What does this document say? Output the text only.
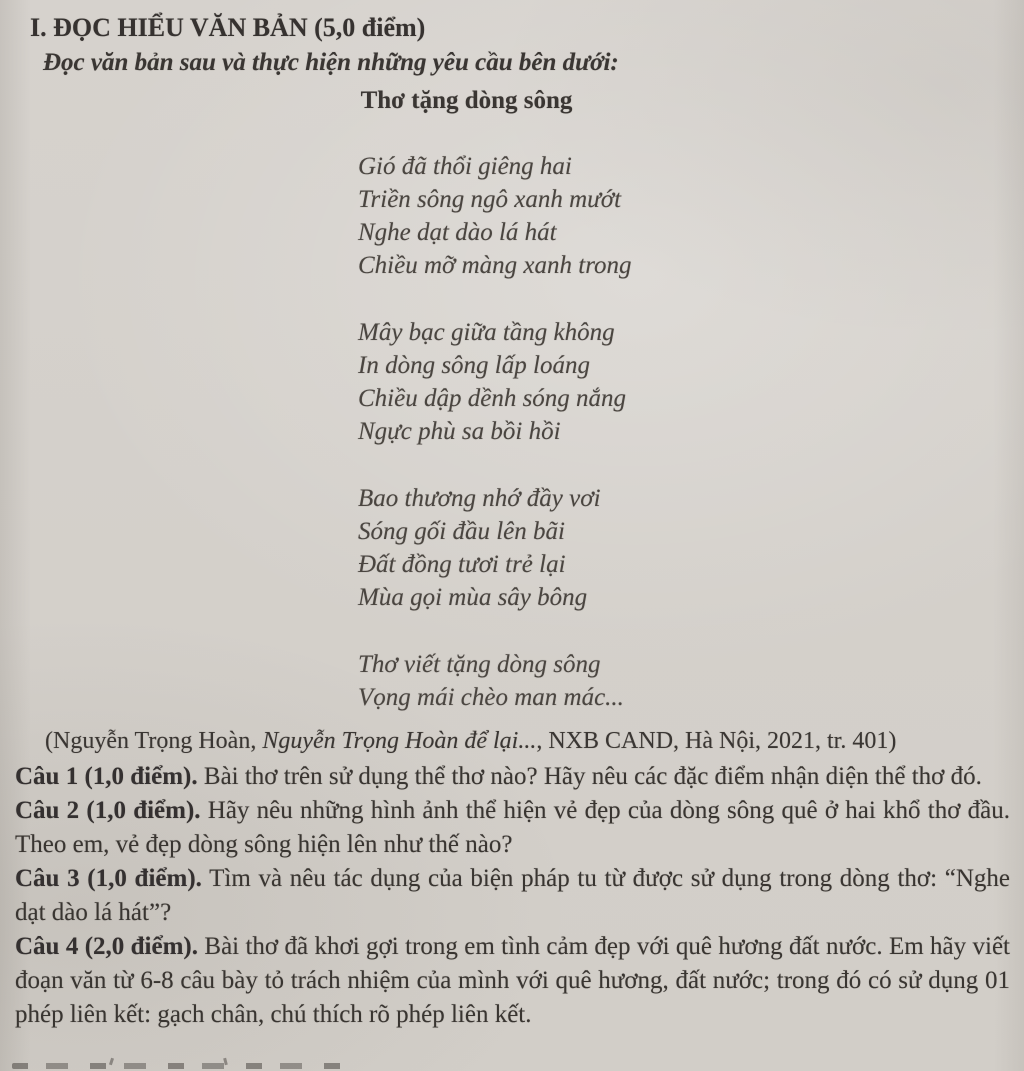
I. ĐỌC HIỂU VĂN BẢN (5,0 điểm)

Đọc văn bản sau và thực hiện những yêu cầu bên dưới:

Thơ tặng dòng sông
Gió đã thổi giêng hai
Triền sông ngô xanh mướt
Nghe dạt dào lá hát
Chiều mỡ màng xanh trong
Mây bạc giữa tầng không
In dòng sông lấp loáng
Chiều dập dềnh sóng nắng
Ngực phù sa bồi hồi
Bao thương nhớ đầy vơi
Sóng gối đầu lên bãi
Đất đồng tươi trẻ lại
Mùa gọi mùa sây bông
Thơ viết tặng dòng sông
Vọng mái chèo man mác...

(Nguyễn Trọng Hoàn, Nguyễn Trọng Hoàn để lại..., NXB CAND, Hà Nội, 2021, tr. 401)

Câu 1 (1,0 điểm). Bài thơ trên sử dụng thể thơ nào? Hãy nêu các đặc điểm nhận diện thể thơ đó.

Câu 2 (1,0 điểm). Hãy nêu những hình ảnh thể hiện vẻ đẹp của dòng sông quê ở hai khổ thơ đầu. Theo em, vẻ đẹp dòng sông hiện lên như thế nào?

Câu 3 (1,0 điểm). Tìm và nêu tác dụng của biện pháp tu từ được sử dụng trong dòng thơ: “Nghe dạt dào lá hát”?

Câu 4 (2,0 điểm). Bài thơ đã khơi gợi trong em tình cảm đẹp với quê hương đất nước. Em hãy viết đoạn văn từ 6-8 câu bày tỏ trách nhiệm của mình với quê hương, đất nước; trong đó có sử dụng 01 phép liên kết: gạch chân, chú thích rõ phép liên kết.
